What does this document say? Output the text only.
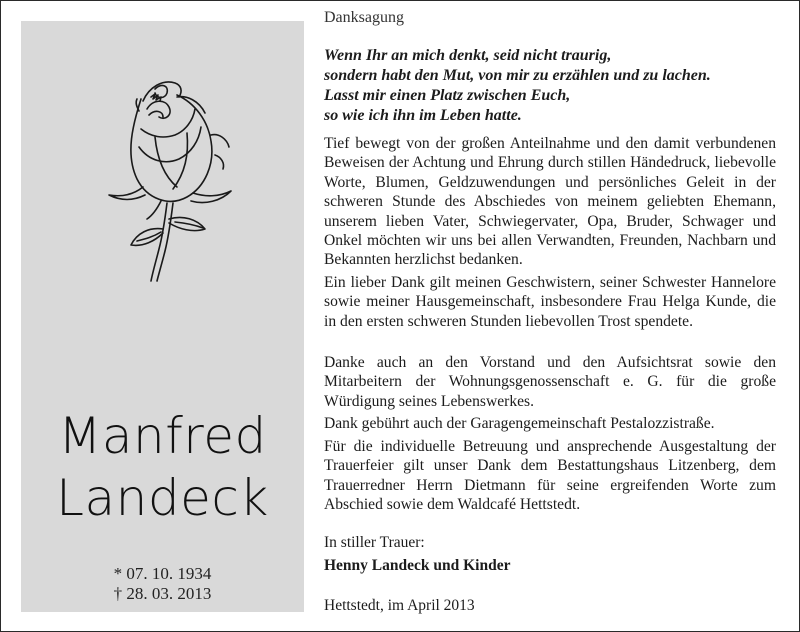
Manfred
Landeck
* 07. 10. 1934
† 28. 03. 2013
Danksagung
Wenn Ihr an mich denkt, seid nicht traurig,
sondern habt den Mut, von mir zu erzählen und zu lachen.
Lasst mir einen Platz zwischen Euch,
so wie ich ihn im Leben hatte.

Tief bewegt von der großen Anteilnahme und den damit verbundenen Beweisen der Achtung und Ehrung durch stillen Händedruck, liebevolle Worte, Blumen, Geldzuwendungen und persönliches Geleit in der schweren Stunde des Abschiedes von meinem geliebten Ehemann, unserem lieben Vater, Schwiegervater, Opa, Bruder, Schwager und Onkel möchten wir uns bei allen Verwandten, Freunden, Nachbarn und Bekannten herzlichst bedanken.

Ein lieber Dank gilt meinen Geschwistern, seiner Schwester Hannelore sowie meiner Hausgemeinschaft, insbesondere Frau Helga Kunde, die in den ersten schweren Stunden liebevollen Trost spendete.

Danke auch an den Vorstand und den Aufsichtsrat sowie den Mitarbeitern der Wohnungsgenossenschaft e. G. für die große Würdigung seines Lebenswerkes.

Dank gebührt auch der Garagengemeinschaft Pestalozzistraße.

Für die individuelle Betreuung und ansprechende Ausgestaltung der Trauerfeier gilt unser Dank dem Bestattungshaus Litzenberg, dem Trauerredner Herrn Dietmann für seine ergreifenden Worte zum Abschied sowie dem Waldcafé Hettstedt.

In stiller Trauer:
Henny Landeck und Kinder
Hettstedt, im April 2013
